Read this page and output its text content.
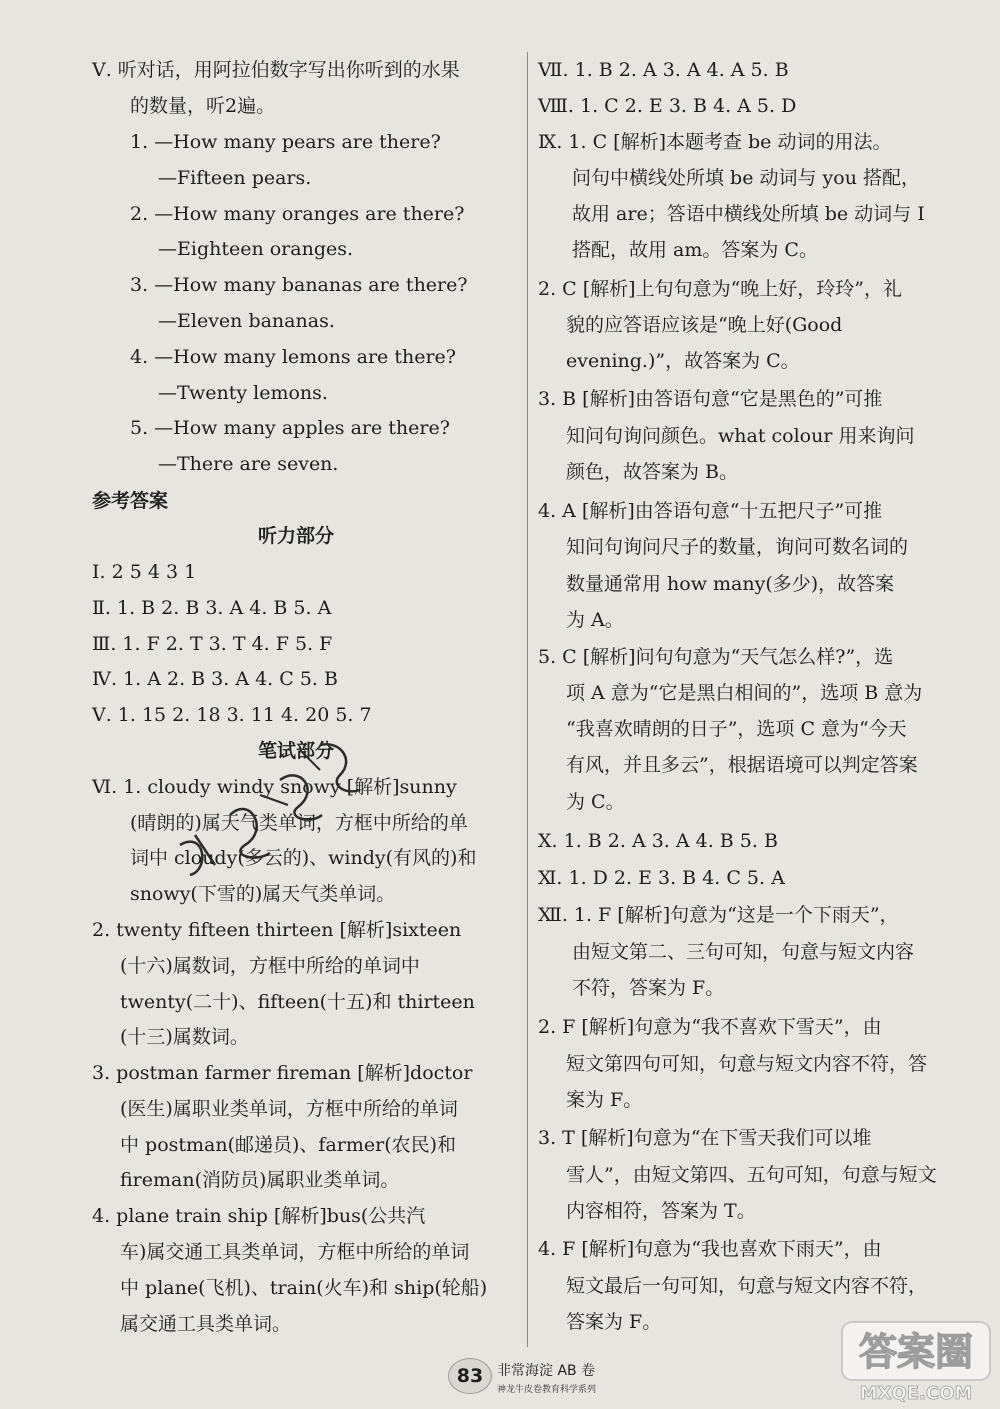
Ⅴ. 听对话，用阿拉伯数字写出你听到的水果
的数量，听2遍。
1. —How many pears are there?
—Fifteen pears.
2. —How many oranges are there?
—Eighteen oranges.
3. —How many bananas are there?
—Eleven bananas.
4. —How many lemons are there?
—Twenty lemons.
5. —How many apples are there?
—There are seven.
参考答案
听力部分
Ⅰ. 2 5 4 3 1
Ⅱ. 1. B 2. B 3. A 4. B 5. A
Ⅲ. 1. F 2. T 3. T 4. F 5. F
Ⅳ. 1. A 2. B 3. A 4. C 5. B
Ⅴ. 1. 15 2. 18 3. 11 4. 20 5. 7
笔试部分
Ⅵ. 1. cloudy windy snowy [解析]sunny
(晴朗的)属天气类单词，方框中所给的单
词中 cloudy(多云的)、windy(有风的)和
snowy(下雪的)属天气类单词。
2. twenty fifteen thirteen [解析]sixteen
(十六)属数词，方框中所给的单词中
twenty(二十)、fifteen(十五)和 thirteen
(十三)属数词。
3. postman farmer fireman [解析]doctor
(医生)属职业类单词，方框中所给的单词
中 postman(邮递员)、farmer(农民)和
fireman(消防员)属职业类单词。
4. plane train ship [解析]bus(公共汽
车)属交通工具类单词，方框中所给的单词
中 plane(飞机)、train(火车)和 ship(轮船)
属交通工具类单词。
Ⅶ. 1. B 2. A 3. A 4. A 5. B
Ⅷ. 1. C 2. E 3. B 4. A 5. D
Ⅸ. 1. C [解析]本题考查 be 动词的用法。
问句中横线处所填 be 动词与 you 搭配，
故用 are；答语中横线处所填 be 动词与 I
搭配，故用 am。答案为 C。
2. C [解析]上句句意为“晚上好，玲玲”，礼
貌的应答语应该是“晚上好(Good
evening.)”，故答案为 C。
3. B [解析]由答语句意“它是黑色的”可推
知问句询问颜色。what colour 用来询问
颜色，故答案为 B。
4. A [解析]由答语句意“十五把尺子”可推
知问句询问尺子的数量，询问可数名词的
数量通常用 how many(多少)，故答案
为 A。
5. C [解析]问句句意为“天气怎么样?”，选
项 A 意为“它是黑白相间的”，选项 B 意为
“我喜欢晴朗的日子”，选项 C 意为“今天
有风，并且多云”，根据语境可以判定答案
为 C。
Ⅹ. 1. B 2. A 3. A 4. B 5. B
Ⅺ. 1. D 2. E 3. B 4. C 5. A
Ⅻ. 1. F [解析]句意为“这是一个下雨天”，
由短文第二、三句可知，句意与短文内容
不符，答案为 F。
2. F [解析]句意为“我不喜欢下雪天”，由
短文第四句可知，句意与短文内容不符，答
案为 F。
3. T [解析]句意为“在下雪天我们可以堆
雪人”，由短文第四、五句可知，句意与短文
内容相符，答案为 T。
4. F [解析]句意为“我也喜欢下雨天”，由
短文最后一句可知，句意与短文内容不符，
答案为 F。
83 非常海淀 AB 卷
神龙牛皮卷教育科学系列
答案圈
MXQE.COM
